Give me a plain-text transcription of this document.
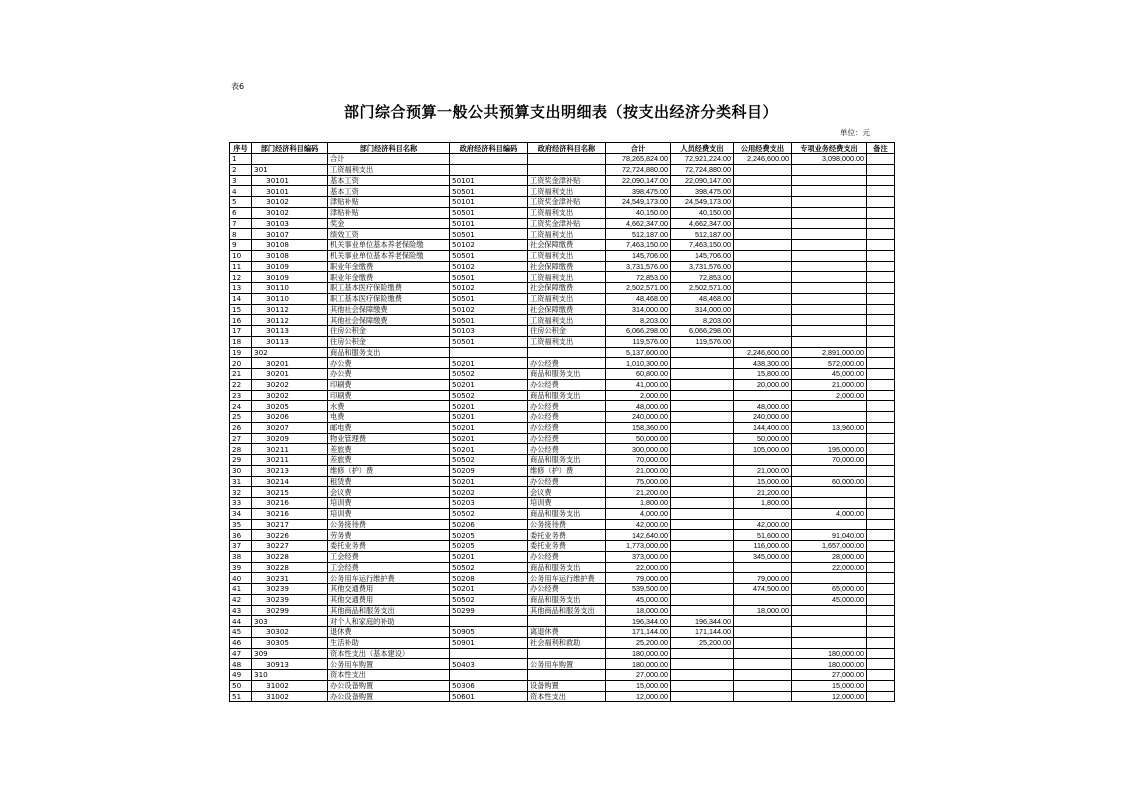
表6
部门综合预算一般公共预算支出明细表（按支出经济分类科目）
单位：元
序号	部门经济科目编码	部门经济科目名称	政府经济科目编码	政府经济科目名称	合计	人员经费支出	公用经费支出	专项业务经费支出	备注
1		合计			78,265,824.00	72,921,224.00	2,246,600.00	3,098,000.00	
2	301	工资福利支出			72,724,880.00	72,724,880.00			
3	30101	基本工资	50101	工资奖金津补贴	22,090,147.00	22,090,147.00			
4	30101	基本工资	50501	工资福利支出	398,475.00	398,475.00			
5	30102	津贴补贴	50101	工资奖金津补贴	24,549,173.00	24,549,173.00			
6	30102	津贴补贴	50501	工资福利支出	40,150.00	40,150.00			
7	30103	奖金	50101	工资奖金津补贴	4,662,347.00	4,662,347.00			
8	30107	绩效工资	50501	工资福利支出	512,187.00	512,187.00			
9	30108	机关事业单位基本养老保险缴	50102	社会保障缴费	7,463,150.00	7,463,150.00			
10	30108	机关事业单位基本养老保险缴	50501	工资福利支出	145,706.00	145,706.00			
11	30109	职业年金缴费	50102	社会保障缴费	3,731,576.00	3,731,576.00			
12	30109	职业年金缴费	50501	工资福利支出	72,853.00	72,853.00			
13	30110	职工基本医疗保险缴费	50102	社会保障缴费	2,502,571.00	2,502,571.00			
14	30110	职工基本医疗保险缴费	50501	工资福利支出	48,468.00	48,468.00			
15	30112	其他社会保障缴费	50102	社会保障缴费	314,000.00	314,000.00			
16	30112	其他社会保障缴费	50501	工资福利支出	8,203.00	8,203.00			
17	30113	住房公积金	50103	住房公积金	6,066,298.00	6,066,298.00			
18	30113	住房公积金	50501	工资福利支出	119,576.00	119,576.00			
19	302	商品和服务支出			5,137,600.00		2,246,600.00	2,891,000.00	
20	30201	办公费	50201	办公经费	1,010,300.00		438,300.00	572,000.00	
21	30201	办公费	50502	商品和服务支出	60,800.00		15,800.00	45,000.00	
22	30202	印刷费	50201	办公经费	41,000.00		20,000.00	21,000.00	
23	30202	印刷费	50502	商品和服务支出	2,000.00			2,000.00	
24	30205	水费	50201	办公经费	48,000.00		48,000.00		
25	30206	电费	50201	办公经费	240,000.00		240,000.00		
26	30207	邮电费	50201	办公经费	158,360.00		144,400.00	13,960.00	
27	30209	物业管理费	50201	办公经费	50,000.00		50,000.00		
28	30211	差旅费	50201	办公经费	300,000.00		105,000.00	195,000.00	
29	30211	差旅费	50502	商品和服务支出	70,000.00			70,000.00	
30	30213	维修（护）费	50209	维修（护）费	21,000.00		21,000.00		
31	30214	租赁费	50201	办公经费	75,000.00		15,000.00	60,000.00	
32	30215	会议费	50202	会议费	21,200.00		21,200.00		
33	30216	培训费	50203	培训费	1,800.00		1,800.00		
34	30216	培训费	50502	商品和服务支出	4,000.00			4,000.00	
35	30217	公务接待费	50206	公务接待费	42,000.00		42,000.00		
36	30226	劳务费	50205	委托业务费	142,640.00		51,600.00	91,040.00	
37	30227	委托业务费	50205	委托业务费	1,773,000.00		116,000.00	1,657,000.00	
38	30228	工会经费	50201	办公经费	373,000.00		345,000.00	28,000.00	
39	30228	工会经费	50502	商品和服务支出	22,000.00			22,000.00	
40	30231	公务用车运行维护费	50208	公务用车运行维护费	79,000.00		79,000.00		
41	30239	其他交通费用	50201	办公经费	539,500.00		474,500.00	65,000.00	
42	30239	其他交通费用	50502	商品和服务支出	45,000.00			45,000.00	
43	30299	其他商品和服务支出	50299	其他商品和服务支出	18,000.00		18,000.00		
44	303	对个人和家庭的补助			196,344.00	196,344.00			
45	30302	退休费	50905	离退休费	171,144.00	171,144.00			
46	30305	生活补助	50901	社会福利和救助	25,200.00	25,200.00			
47	309	资本性支出（基本建设）			180,000.00			180,000.00	
48	30913	公务用车购置	50403	公务用车购置	180,000.00			180,000.00	
49	310	资本性支出			27,000.00			27,000.00	
50	31002	办公设备购置	50306	设备购置	15,000.00			15,000.00	
51	31002	办公设备购置	50601	资本性支出	12,000.00			12,000.00	
